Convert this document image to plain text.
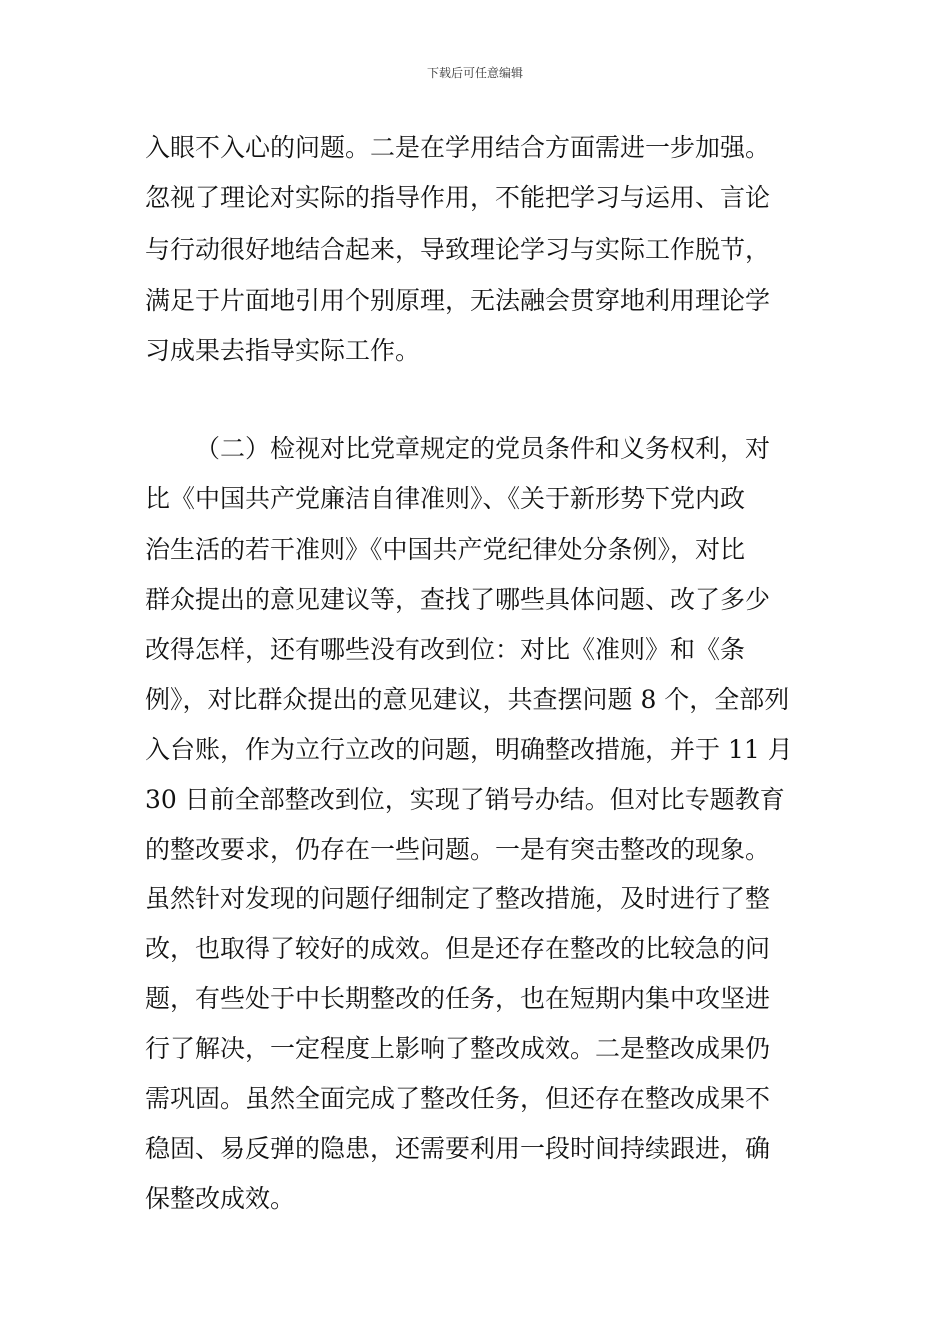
下载后可任意编辑
入眼不入心的问题。二是在学用结合方面需进一步加强。
忽视了理论对实际的指导作用，不能把学习与运用、言论
与行动很好地结合起来，导致理论学习与实际工作脱节，
满足于片面地引用个别原理，无法融会贯穿地利用理论学
习成果去指导实际工作。
（二）检视对比党章规定的党员条件和义务权利，对
比《中国共产党廉洁自律准则》、《关于新形势下党内政
治生活的若干准则》《中国共产党纪律处分条例》，对比
群众提出的意见建议等，查找了哪些具体问题、改了多少
改得怎样，还有哪些没有改到位：对比《准则》和《条
例》，对比群众提出的意见建议，共查摆问题 8 个，全部列
入台账，作为立行立改的问题，明确整改措施，并于 11 月
30 日前全部整改到位，实现了销号办结。但对比专题教育
的整改要求，仍存在一些问题。一是有突击整改的现象。
虽然针对发现的问题仔细制定了整改措施，及时进行了整
改，也取得了较好的成效。但是还存在整改的比较急的问
题，有些处于中长期整改的任务，也在短期内集中攻坚进
行了解决，一定程度上影响了整改成效。二是整改成果仍
需巩固。虽然全面完成了整改任务，但还存在整改成果不
稳固、易反弹的隐患，还需要利用一段时间持续跟进，确
保整改成效。
